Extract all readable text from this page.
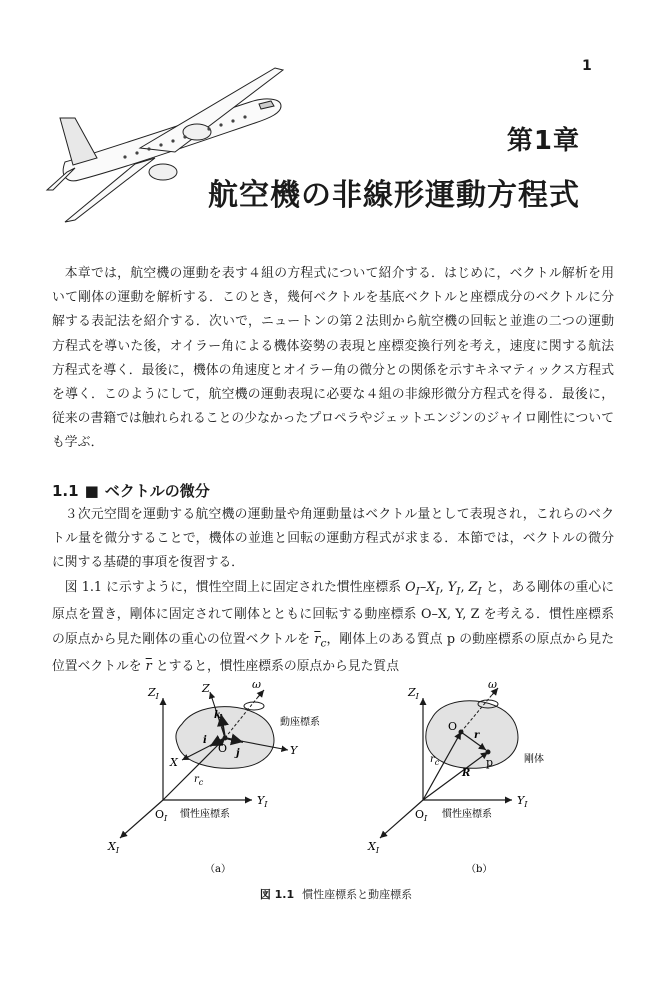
1
第1章
航空機の非線形運動方程式

本章では，航空機の運動を表す４組の方程式について紹介する．はじめに，ベクトル解析を用いて剛体の運動を解析する．このとき，幾何ベクトルを基底ベクトルと座標成分のベクトルに分解する表記法を紹介する．次いで，ニュートンの第２法則から航空機の回転と並進の二つの運動方程式を導いた後，オイラー角による機体姿勢の表現と座標変換行列を考え，速度に関する航法方程式を導く．最後に，機体の角速度とオイラー角の微分との関係を示すキネマティックス方程式を導く．このようにして，航空機の運動表現に必要な４組の非線形微分方程式を得る．最後に，従来の書籍では触れられることの少なかったプロペラやジェットエンジンのジャイロ剛性についても学ぶ．

1.1 ■ ベクトルの微分

３次元空間を運動する航空機の運動量や角運動量はベクトル量として表現され，これらのベクトル量を微分することで，機体の並進と回転の運動方程式が求まる．本節では，ベクトルの微分に関する基礎的事項を復習する．

図 1.1 に示すように，慣性空間上に固定された慣性座標系 $O_I-X_I$, $Y_I$, $Z_I$ と，ある剛体の重心に原点を置き，剛体に固定されて剛体とともに回転する動座標系 O–X, Y, Z を考える．慣性座標系の原点から見た剛体の重心の位置ベクトルを $\overline{r}_c$，剛体上のある質点 p の動座標系の原点から見た位置ベクトルを $\overline{r}$ とすると，慣性座標系の原点から見た質点

$Z_I$
$Y_I$
$X_I$
$O_I$
Z
Y
X
O
k
j
i
$r_c$
ω
動座標系
慣性座標系
（a）
$Z_I$
$Y_I$
$X_I$
$O_I$
O
p
r
R
$r_c$
ω
剛体
慣性座標系
（b）
図 1.1 慣性座標系と動座標系
